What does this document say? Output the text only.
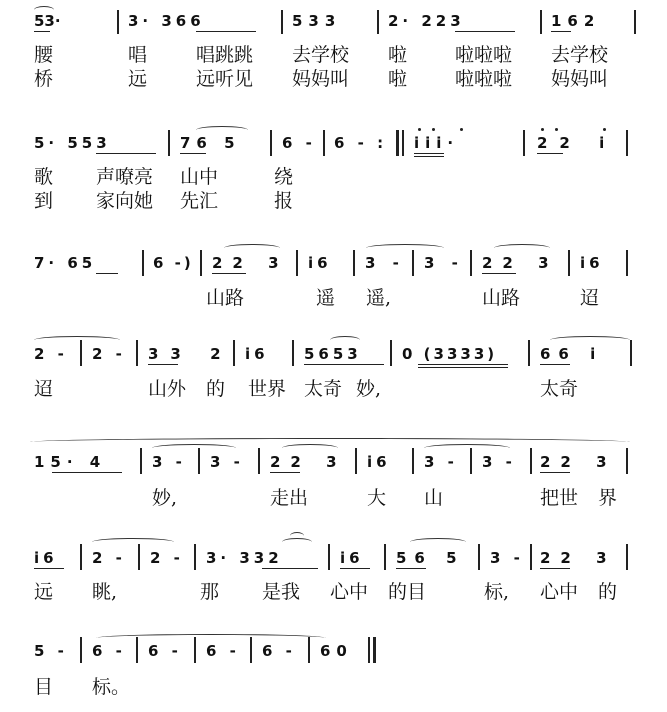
53·	3· 366	533	2· 223	162
腰	唱	唱跳跳 去学校 啦	啦啦啦 去学校
桥	远	远听见 妈妈叫 啦	啦啦啦 妈妈叫
5· 553	76 5	6 - 6 - : iii·	22 i
歌 声嘹亮 山中	绕
到 家向她 先汇	报
7· 65	6 -) 22 3 i6 3 - 3 - 22 3 i6
山路	遥 遥,	山路	迢
2 - 2 - 33 2 i6 5653	0 (3333)	66 i
迢	山外 的 世界 太奇 妙,	太奇
15· 4	3 - 3 - 22 3 i6 3 - 3 - 22 3
妙,	走出	大 山	把世 界
i6 2 - 2 - 3· 332	i6 56 5 3 - 22 3
远 眺,	那 是我 心中 的目	标, 心中 的
5 - 6 - 6 - 6 - 6 - 60
目 标。
